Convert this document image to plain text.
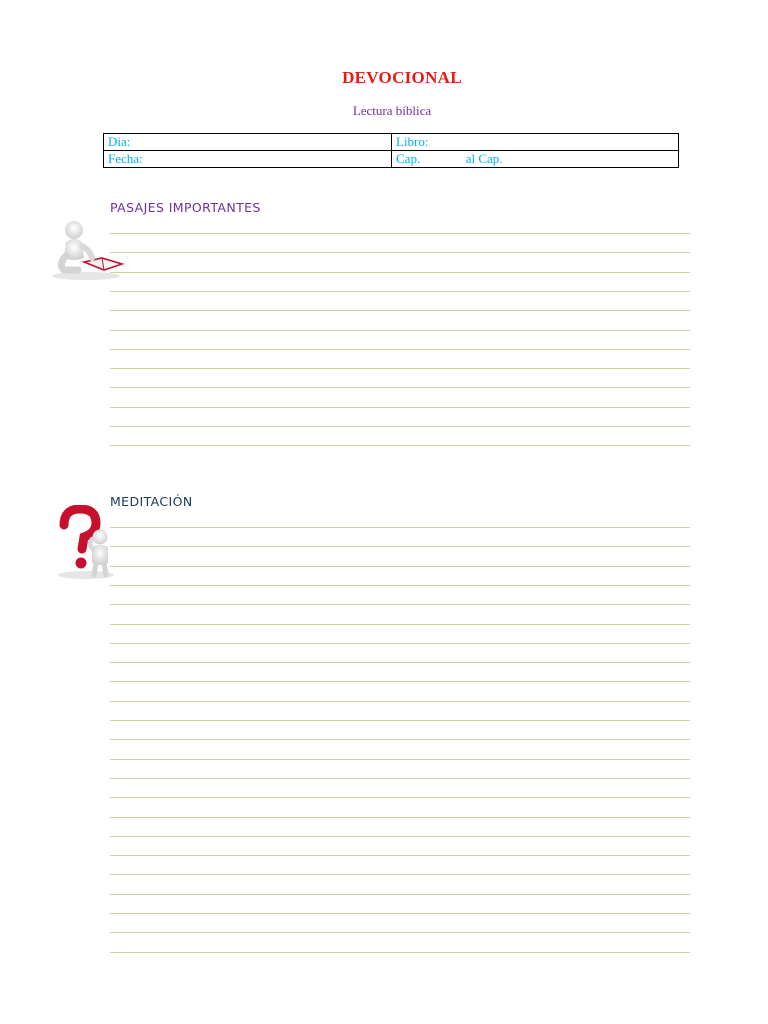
DEVOCIONAL
Lectura bíblica
Dia:	Libro:
Fecha:	Cap.              al Cap.
PASAJES IMPORTANTES
MEDITACIÓN
